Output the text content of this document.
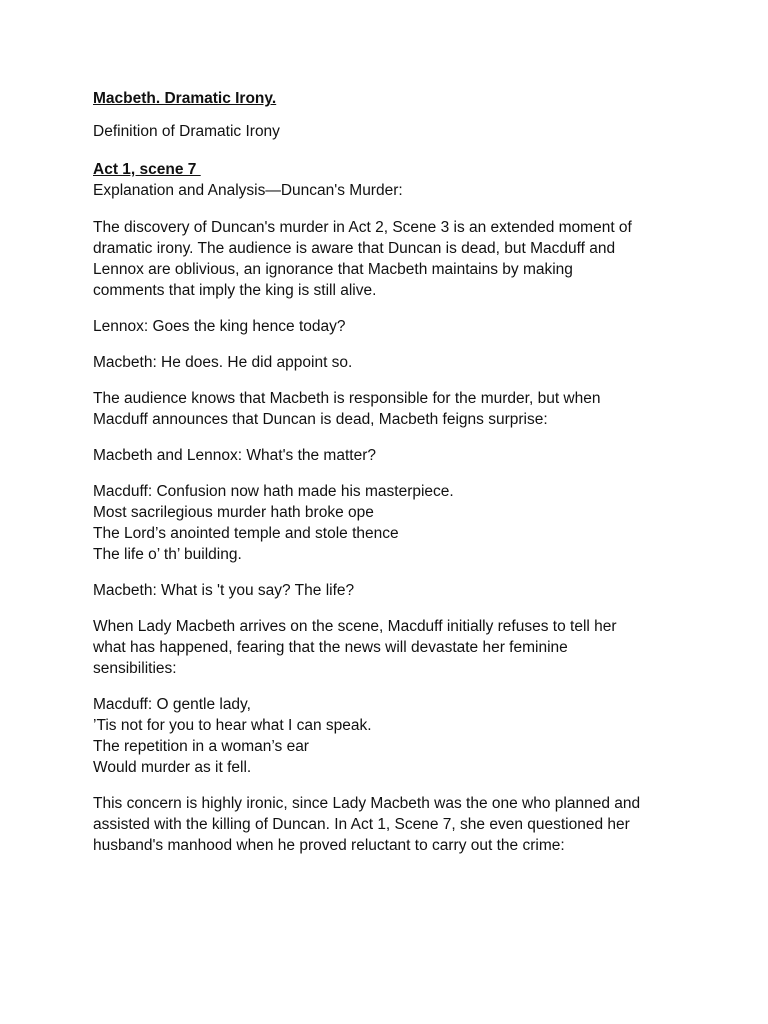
Macbeth. Dramatic Irony.
Definition of Dramatic Irony
Act 1, scene 7
Explanation and Analysis—Duncan's Murder:
The discovery of Duncan's murder in Act 2, Scene 3 is an extended moment of
dramatic irony. The audience is aware that Duncan is dead, but Macduff and
Lennox are oblivious, an ignorance that Macbeth maintains by making
comments that imply the king is still alive.
Lennox: Goes the king hence today?
Macbeth: He does. He did appoint so.
The audience knows that Macbeth is responsible for the murder, but when
Macduff announces that Duncan is dead, Macbeth feigns surprise:
Macbeth and Lennox: What's the matter?
Macduff: Confusion now hath made his masterpiece.
Most sacrilegious murder hath broke ope
The Lord’s anointed temple and stole thence
The life o’ th’ building.
Macbeth: What is 't you say? The life?
When Lady Macbeth arrives on the scene, Macduff initially refuses to tell her
what has happened, fearing that the news will devastate her feminine
sensibilities:
Macduff: O gentle lady,
’Tis not for you to hear what I can speak.
The repetition in a woman’s ear
Would murder as it fell.
This concern is highly ironic, since Lady Macbeth was the one who planned and
assisted with the killing of Duncan. In Act 1, Scene 7, she even questioned her
husband's manhood when he proved reluctant to carry out the crime:
